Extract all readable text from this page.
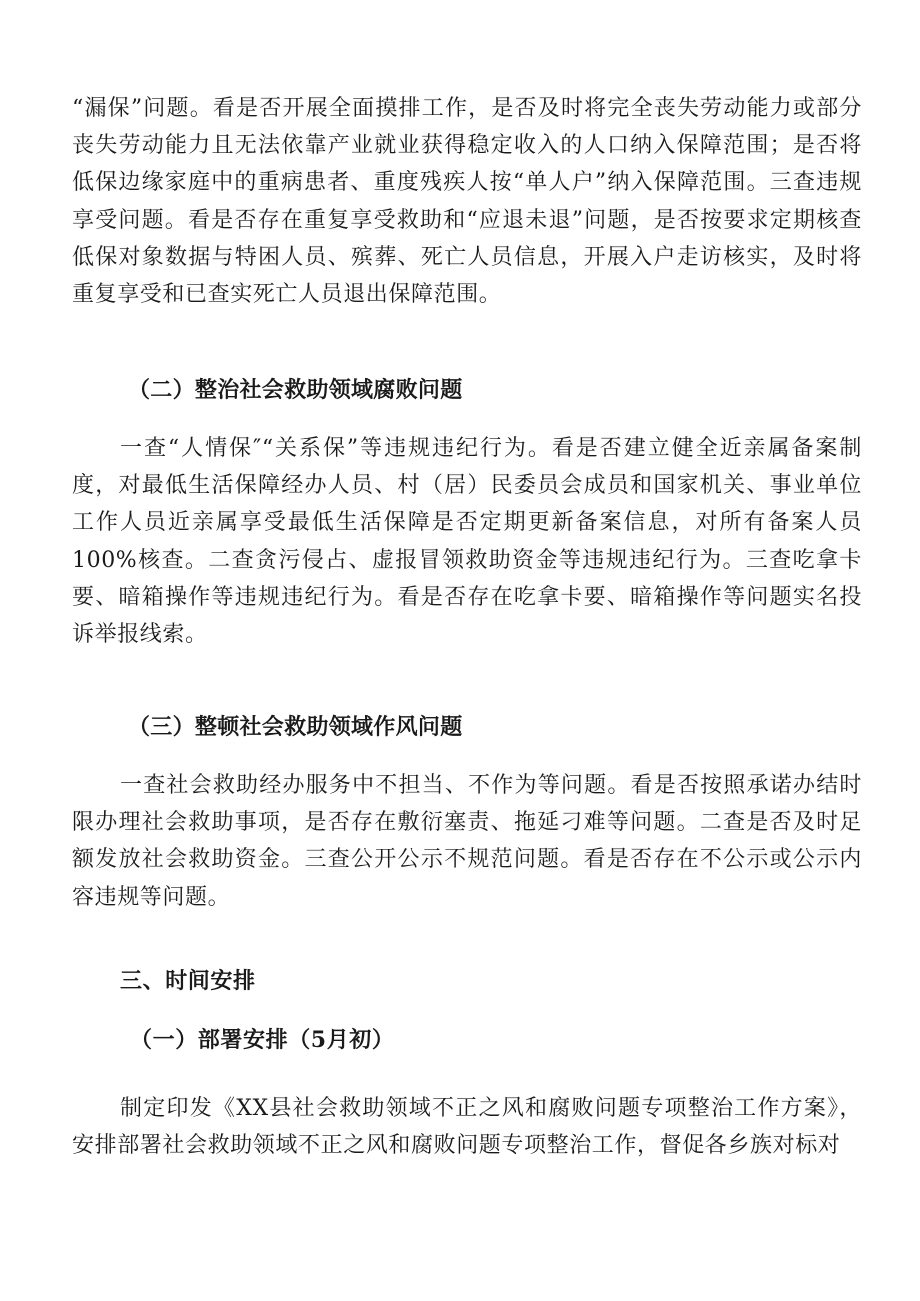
“漏保”问题。看是否开展全面摸排工作，是否及时将完全丧失劳动能力或部分丧失劳动能力且无法依靠产业就业获得稳定收入的人口纳入保障范围；是否将低保边缘家庭中的重病患者、重度残疾人按“单人户”纳入保障范围。三查违规享受问题。看是否存在重复享受救助和“应退未退”问题，是否按要求定期核查低保对象数据与特困人员、殡葬、死亡人员信息，开展入户走访核实，及时将重复享受和已查实死亡人员退出保障范围。

（二）整治社会救助领域腐败问题

一查“人情保″“关系保”等违规违纪行为。看是否建立健全近亲属备案制度，对最低生活保障经办人员、村（居）民委员会成员和国家机关、事业单位工作人员近亲属享受最低生活保障是否定期更新备案信息，对所有备案人员100%核查。二查贪污侵占、虚报冒领救助资金等违规违纪行为。三查吃拿卡要、暗箱操作等违规违纪行为。看是否存在吃拿卡要、暗箱操作等问题实名投诉举报线索。

（三）整顿社会救助领域作风问题

一查社会救助经办服务中不担当、不作为等问题。看是否按照承诺办结时限办理社会救助事项，是否存在敷衍塞责、拖延刁难等问题。二查是否及时足额发放社会救助资金。三查公开公示不规范问题。看是否存在不公示或公示内容违规等问题。

三、时间安排
（一）部署安排（5月初）

制定印发《XX县社会救助领域不正之风和腐败问题专项整治工作方案》，安排部署社会救助领域不正之风和腐败问题专项整治工作，督促各乡族对标对
